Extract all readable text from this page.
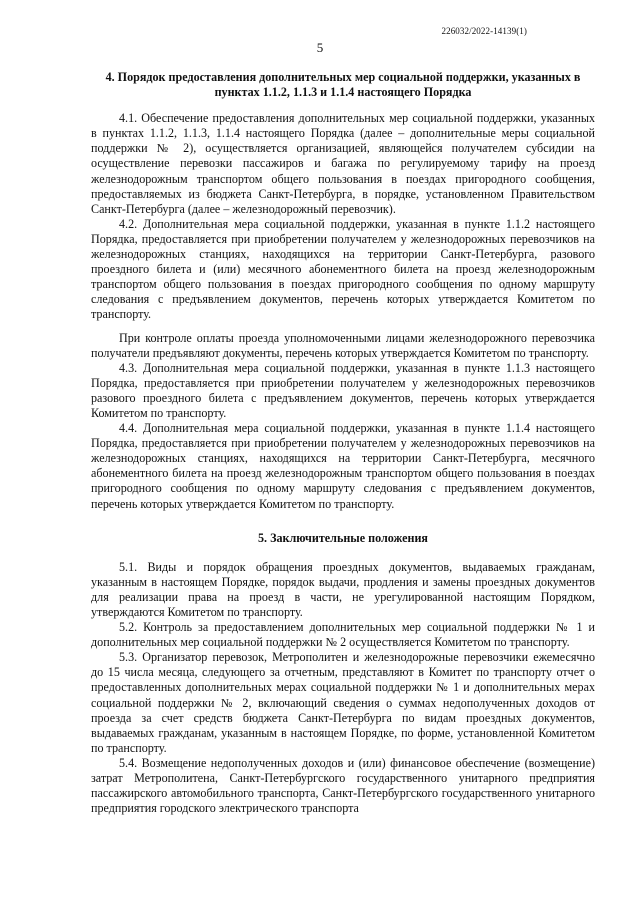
226032/2022-14139(1)
5

4. Порядок предоставления дополнительных мер социальной поддержки, указанных в пунктах 1.1.2, 1.1.3 и 1.1.4 настоящего Порядка

4.1. Обеспечение предоставления дополнительных мер социальной поддержки, указанных в пунктах 1.1.2, 1.1.3, 1.1.4 настоящего Порядка (далее – дополнительные меры социальной поддержки № 2), осуществляется организацией, являющейся получателем субсидии на осуществление перевозки пассажиров и багажа по регулируемому тарифу на проезд железнодорожным транспортом общего пользования в поездах пригородного сообщения, предоставляемых из бюджета Санкт-Петербурга, в порядке, установленном Правительством Санкт-Петербурга (далее – железнодорожный перевозчик).

4.2. Дополнительная мера социальной поддержки, указанная в пункте 1.1.2 настоящего Порядка, предоставляется при приобретении получателем у железнодорожных перевозчиков на железнодорожных станциях, находящихся на территории Санкт-Петербурга, разового проездного билета и (или) месячного абонементного билета на проезд железнодорожным транспортом общего пользования в поездах пригородного сообщения по одному маршруту следования с предъявлением документов, перечень которых утверждается Комитетом по транспорту.

При контроле оплаты проезда уполномоченными лицами железнодорожного перевозчика получатели предъявляют документы, перечень которых утверждается Комитетом по транспорту.

4.3. Дополнительная мера социальной поддержки, указанная в пункте 1.1.3 настоящего Порядка, предоставляется при приобретении получателем у железнодорожных перевозчиков разового проездного билета с предъявлением документов, перечень которых утверждается Комитетом по транспорту.

4.4. Дополнительная мера социальной поддержки, указанная в пункте 1.1.4 настоящего Порядка, предоставляется при приобретении получателем у железнодорожных перевозчиков на железнодорожных станциях, находящихся на территории Санкт-Петербурга, месячного абонементного билета на проезд железнодорожным транспортом общего пользования в поездах пригородного сообщения по одному маршруту следования с предъявлением документов, перечень которых утверждается Комитетом по транспорту.

5. Заключительные положения

5.1. Виды и порядок обращения проездных документов, выдаваемых гражданам, указанным в настоящем Порядке, порядок выдачи, продления и замены проездных документов для реализации права на проезд в части, не урегулированной настоящим Порядком, утверждаются Комитетом по транспорту.

5.2. Контроль за предоставлением дополнительных мер социальной поддержки № 1 и дополнительных мер социальной поддержки № 2 осуществляется Комитетом по транспорту.

5.3. Организатор перевозок, Метрополитен и железнодорожные перевозчики ежемесячно до 15 числа месяца, следующего за отчетным, представляют в Комитет по транспорту отчет о предоставленных дополнительных мерах социальной поддержки № 1 и дополнительных мерах социальной поддержки № 2, включающий сведения о суммах недополученных доходов от проезда за счет средств бюджета Санкт-Петербурга по видам проездных документов, выдаваемых гражданам, указанным в настоящем Порядке, по форме, установленной Комитетом по транспорту.

5.4. Возмещение недополученных доходов и (или) финансовое обеспечение (возмещение) затрат Метрополитена, Санкт-Петербургского государственного унитарного предприятия пассажирского автомобильного транспорта, Санкт-Петербургского государственного унитарного предприятия городского электрического транспорта
